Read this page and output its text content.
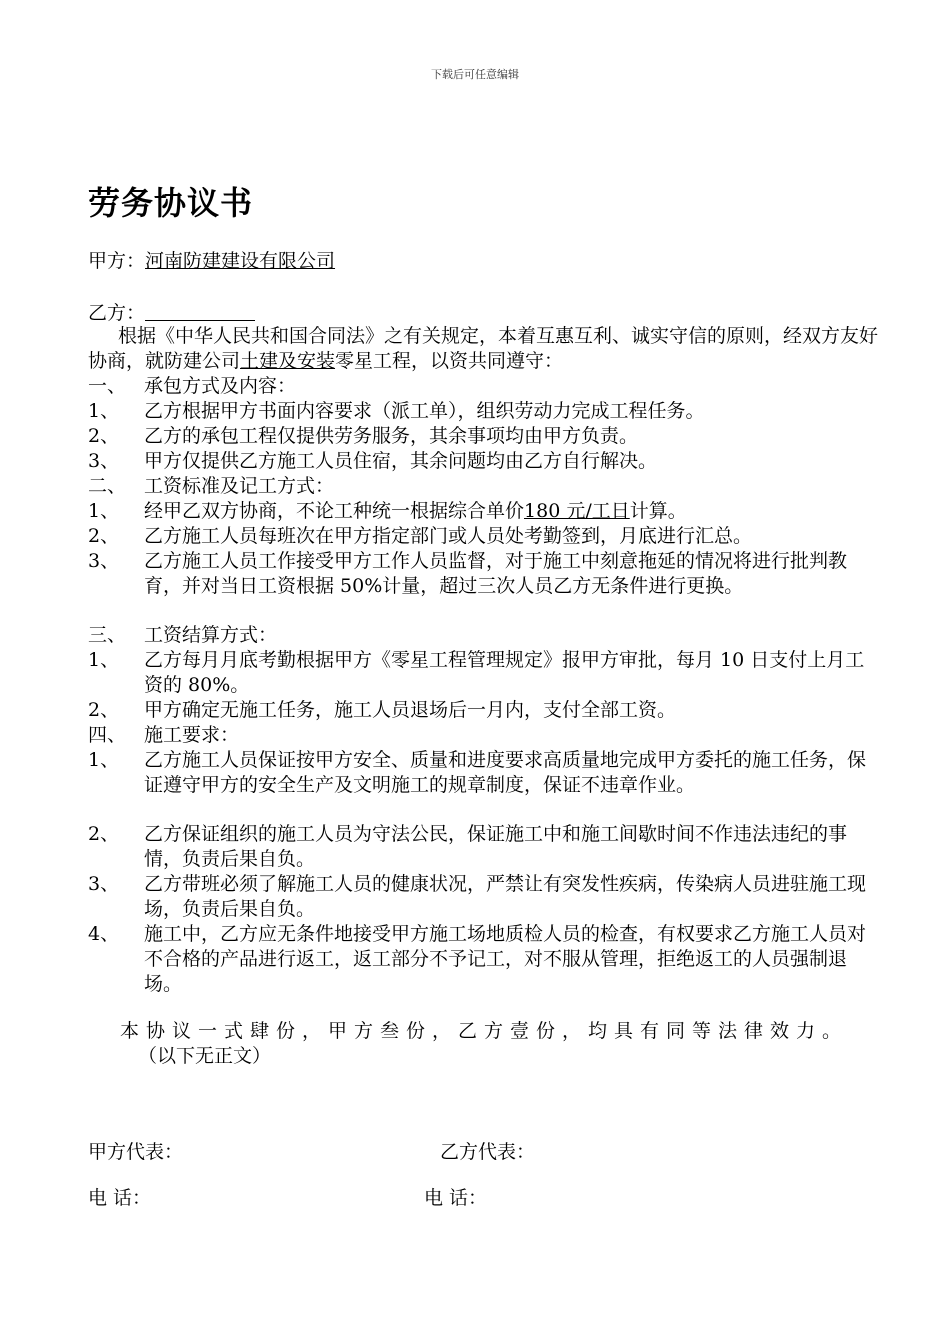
下载后可任意编辑
劳务协议书
甲方：河南防建建设有限公司
乙方：
根据《中华人民共和国合同法》之有关规定，本着互惠互利、诚实守信的原则，经双方友好协商，就防建公司土建及安装零星工程，以资共同遵守：
一、 承包方式及内容：
1、 乙方根据甲方书面内容要求（派工单），组织劳动力完成工程任务。
2、 乙方的承包工程仅提供劳务服务，其余事项均由甲方负责。
3、 甲方仅提供乙方施工人员住宿，其余问题均由乙方自行解决。
二、 工资标准及记工方式：
1、 经甲乙双方协商，不论工种统一根据综合单价180 元/工日计算。
2、 乙方施工人员每班次在甲方指定部门或人员处考勤签到，月底进行汇总。
3、 乙方施工人员工作接受甲方工作人员监督，对于施工中刻意拖延的情况将进行批判教育，并对当日工资根据 50%计量，超过三次人员乙方无条件进行更换。
三、 工资结算方式：
1、 乙方每月月底考勤根据甲方《零星工程管理规定》报甲方审批，每月 10 日支付上月工资的 80%。
2、 甲方确定无施工任务，施工人员退场后一月内，支付全部工资。
四、 施工要求：
1、 乙方施工人员保证按甲方安全、质量和进度要求高质量地完成甲方委托的施工任务，保证遵守甲方的安全生产及文明施工的规章制度，保证不违章作业。
2、 乙方保证组织的施工人员为守法公民，保证施工中和施工间歇时间不作违法违纪的事情，负责后果自负。
3、 乙方带班必须了解施工人员的健康状况，严禁让有突发性疾病，传染病人员进驻施工现场，负责后果自负。
4、 施工中，乙方应无条件地接受甲方施工场地质检人员的检查，有权要求乙方施工人员对不合格的产品进行返工，返工部分不予记工，对不服从管理，拒绝返工的人员强制退场。
本协议一式肆份，甲方叁份，乙方壹份，均具有同等法律效力。
（以下无正文）
甲方代表：	乙方代表：
电 话：	电 话：
